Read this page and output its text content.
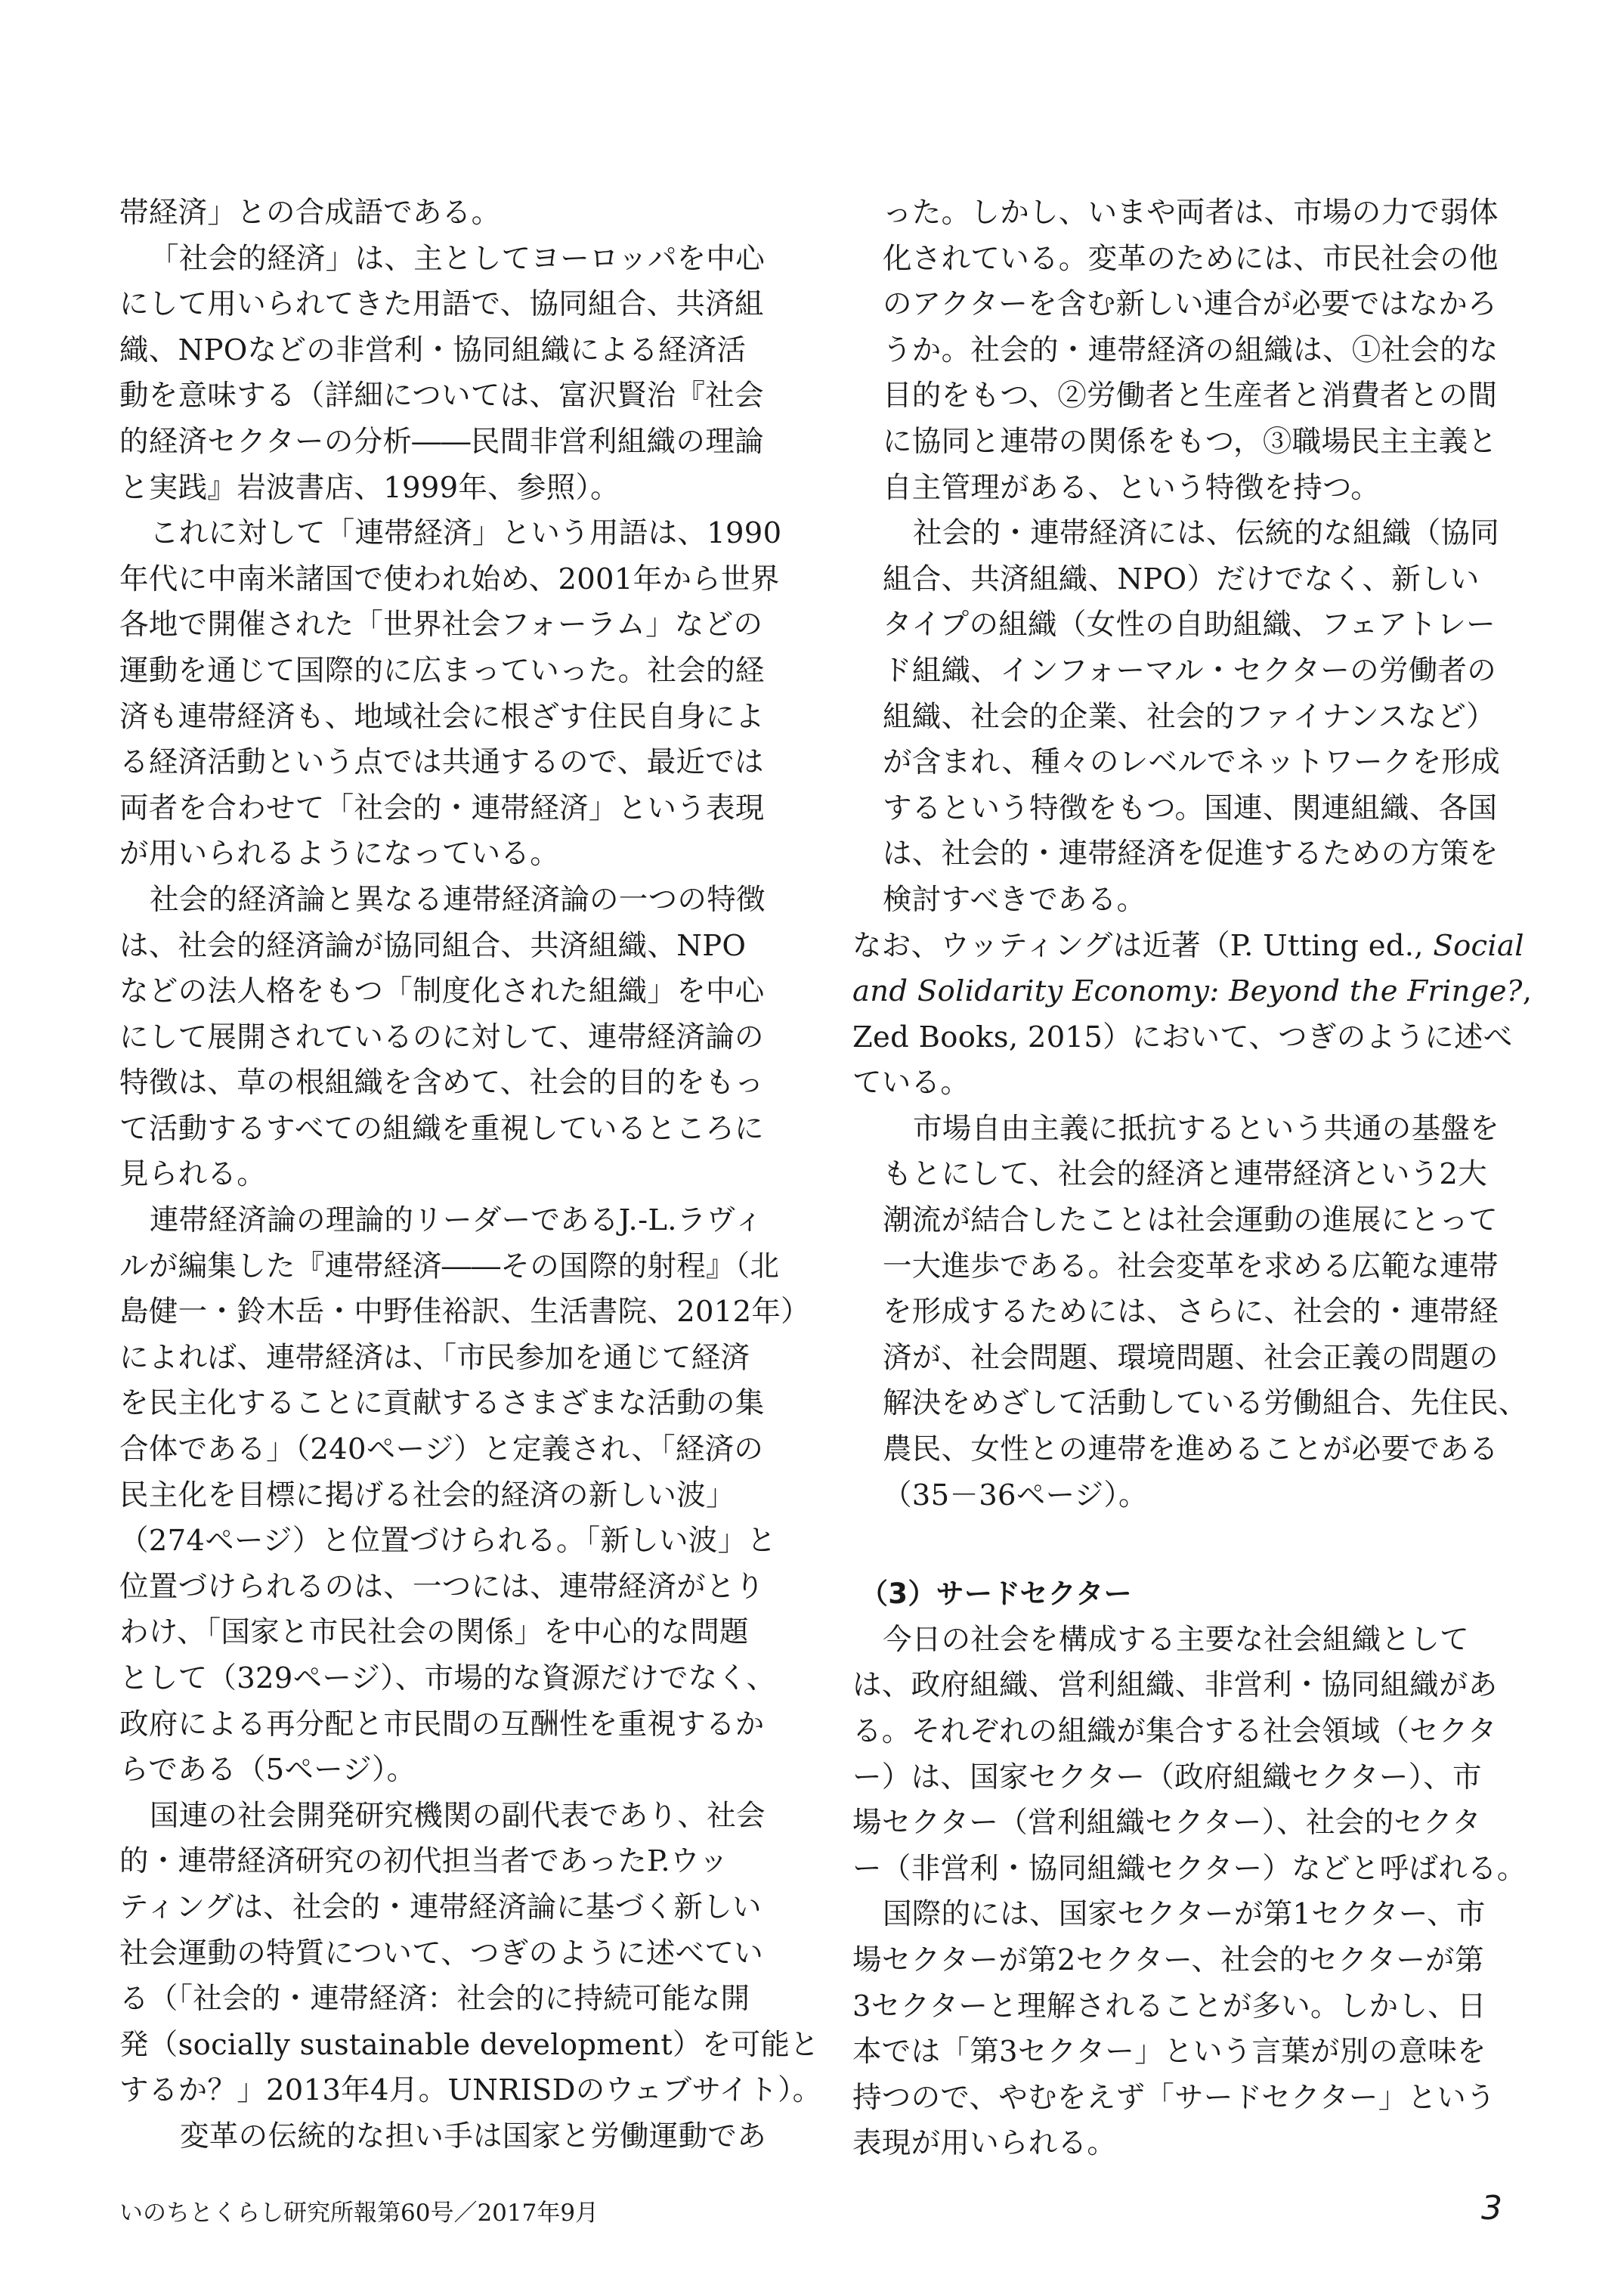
帯経済」との合成語である。
「社会的経済」は、主としてヨーロッパを中心
にして用いられてきた用語で、協同組合、共済組
織、NPOなどの非営利・協同組織による経済活
動を意味する（詳細については、富沢賢治『社会
的経済セクターの分析――民間非営利組織の理論
と実践』岩波書店、1999年、参照）。
これに対して「連帯経済」という用語は、1990
年代に中南米諸国で使われ始め、2001年から世界
各地で開催された「世界社会フォーラム」などの
運動を通じて国際的に広まっていった。社会的経
済も連帯経済も、地域社会に根ざす住民自身によ
る経済活動という点では共通するので、最近では
両者を合わせて「社会的・連帯経済」という表現
が用いられるようになっている。
社会的経済論と異なる連帯経済論の一つの特徴
は、社会的経済論が協同組合、共済組織、NPO
などの法人格をもつ「制度化された組織」を中心
にして展開されているのに対して、連帯経済論の
特徴は、草の根組織を含めて、社会的目的をもっ
て活動するすべての組織を重視しているところに
見られる。
連帯経済論の理論的リーダーであるJ.-L.ラヴィ
ルが編集した『連帯経済――その国際的射程』（北
島健一・鈴木岳・中野佳裕訳、生活書院、2012年）
によれば、連帯経済は、「市民参加を通じて経済
を民主化することに貢献するさまざまな活動の集
合体である」（240ページ）と定義され、「経済の
民主化を目標に掲げる社会的経済の新しい波」
（274ページ）と位置づけられる。「新しい波」と
位置づけられるのは、一つには、連帯経済がとり
わけ、「国家と市民社会の関係」を中心的な問題
として（329ページ）、市場的な資源だけでなく、
政府による再分配と市民間の互酬性を重視するか
らである（5ページ）。
国連の社会開発研究機関の副代表であり、社会
的・連帯経済研究の初代担当者であったP.ウッ
ティングは、社会的・連帯経済論に基づく新しい
社会運動の特質について、つぎのように述べてい
る（「社会的・連帯経済：社会的に持続可能な開
発（socially sustainable development）を可能と
するか？」2013年4月。UNRISDのウェブサイト）。
変革の伝統的な担い手は国家と労働運動であ
った。しかし、いまや両者は、市場の力で弱体
化されている。変革のためには、市民社会の他
のアクターを含む新しい連合が必要ではなかろ
うか。社会的・連帯経済の組織は、①社会的な
目的をもつ、②労働者と生産者と消費者との間
に協同と連帯の関係をもつ，③職場民主主義と
自主管理がある、という特徴を持つ。
社会的・連帯経済には、伝統的な組織（協同
組合、共済組織、NPO）だけでなく、新しい
タイプの組織（女性の自助組織、フェアトレー
ド組織、インフォーマル・セクターの労働者の
組織、社会的企業、社会的ファイナンスなど）
が含まれ、種々のレベルでネットワークを形成
するという特徴をもつ。国連、関連組織、各国
は、社会的・連帯経済を促進するための方策を
検討すべきである。
なお、ウッティングは近著（P. Utting ed., Social
and Solidarity Economy: Beyond the Fringe?,
Zed Books, 2015）において、つぎのように述べ
ている。
市場自由主義に抵抗するという共通の基盤を
もとにして、社会的経済と連帯経済という2大
潮流が結合したことは社会運動の進展にとって
一大進歩である。社会変革を求める広範な連帯
を形成するためには、さらに、社会的・連帯経
済が、社会問題、環境問題、社会正義の問題の
解決をめざして活動している労働組合、先住民、
農民、女性との連帯を進めることが必要である
（35－36ページ）。
（3）サードセクター
今日の社会を構成する主要な社会組織として
は、政府組織、営利組織、非営利・協同組織があ
る。それぞれの組織が集合する社会領域（セクタ
ー）は、国家セクター（政府組織セクター）、市
場セクター（営利組織セクター）、社会的セクタ
ー（非営利・協同組織セクター）などと呼ばれる。
国際的には、国家セクターが第1セクター、市
場セクターが第2セクター、社会的セクターが第
3セクターと理解されることが多い。しかし、日
本では「第3セクター」という言葉が別の意味を
持つので、やむをえず「サードセクター」という
表現が用いられる。
いのちとくらし研究所報第60号／2017年9月	3
